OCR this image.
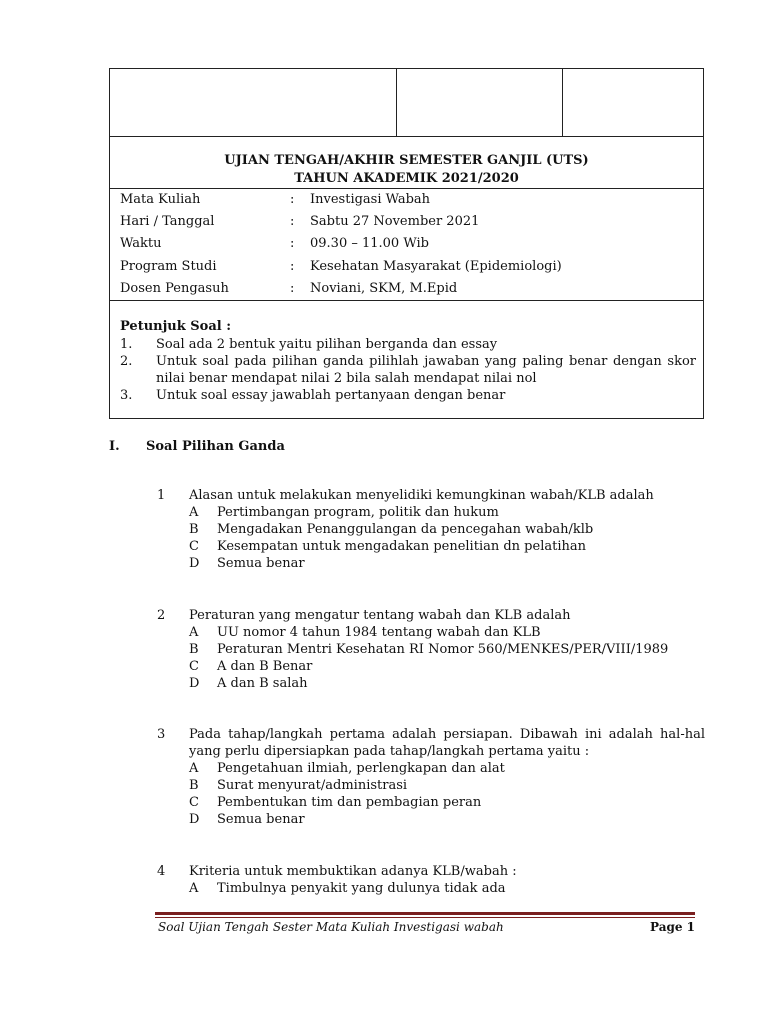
UJIAN TENGAH/AKHIR SEMESTER GANJIL (UTS)
TAHUN AKADEMIK 2021/2020
Mata Kuliah	: Investigasi Wabah
Hari / Tanggal	: Sabtu 27 November 2021
Waktu	: 09.30 – 11.00 Wib
Program Studi	: Kesehatan Masyarakat (Epidemiologi)
Dosen Pengasuh	: Noviani, SKM, M.Epid
Petunjuk Soal :
1. Soal ada 2 bentuk yaitu pilihan berganda dan essay
2. Untuk soal pada pilihan ganda pilihlah jawaban yang paling benar dengan skor nilai benar mendapat nilai 2 bila salah mendapat nilai nol
3. Untuk soal essay jawablah pertanyaan dengan benar
I. Soal Pilihan Ganda
1 Alasan untuk melakukan menyelidiki kemungkinan wabah/KLB adalah
A Pertimbangan program, politik dan hukum
B Mengadakan Penanggulangan da pencegahan wabah/klb
C Kesempatan untuk mengadakan penelitian dn pelatihan
D Semua benar
2 Peraturan yang mengatur tentang wabah dan KLB adalah
A UU nomor 4 tahun 1984 tentang wabah dan KLB
B Peraturan Mentri Kesehatan RI Nomor 560/MENKES/PER/VIII/1989
C A dan B Benar
D A dan B salah
3 Pada tahap/langkah pertama adalah persiapan. Dibawah ini adalah hal-hal yang perlu dipersiapkan pada tahap/langkah pertama yaitu :
A Pengetahuan ilmiah, perlengkapan dan alat
B Surat menyurat/administrasi
C Pembentukan tim dan pembagian peran
D Semua benar
4 Kriteria untuk membuktikan adanya KLB/wabah :
A Timbulnya penyakit yang dulunya tidak ada
Soal Ujian Tengah Sester Mata Kuliah Investigasi wabah	Page 1
